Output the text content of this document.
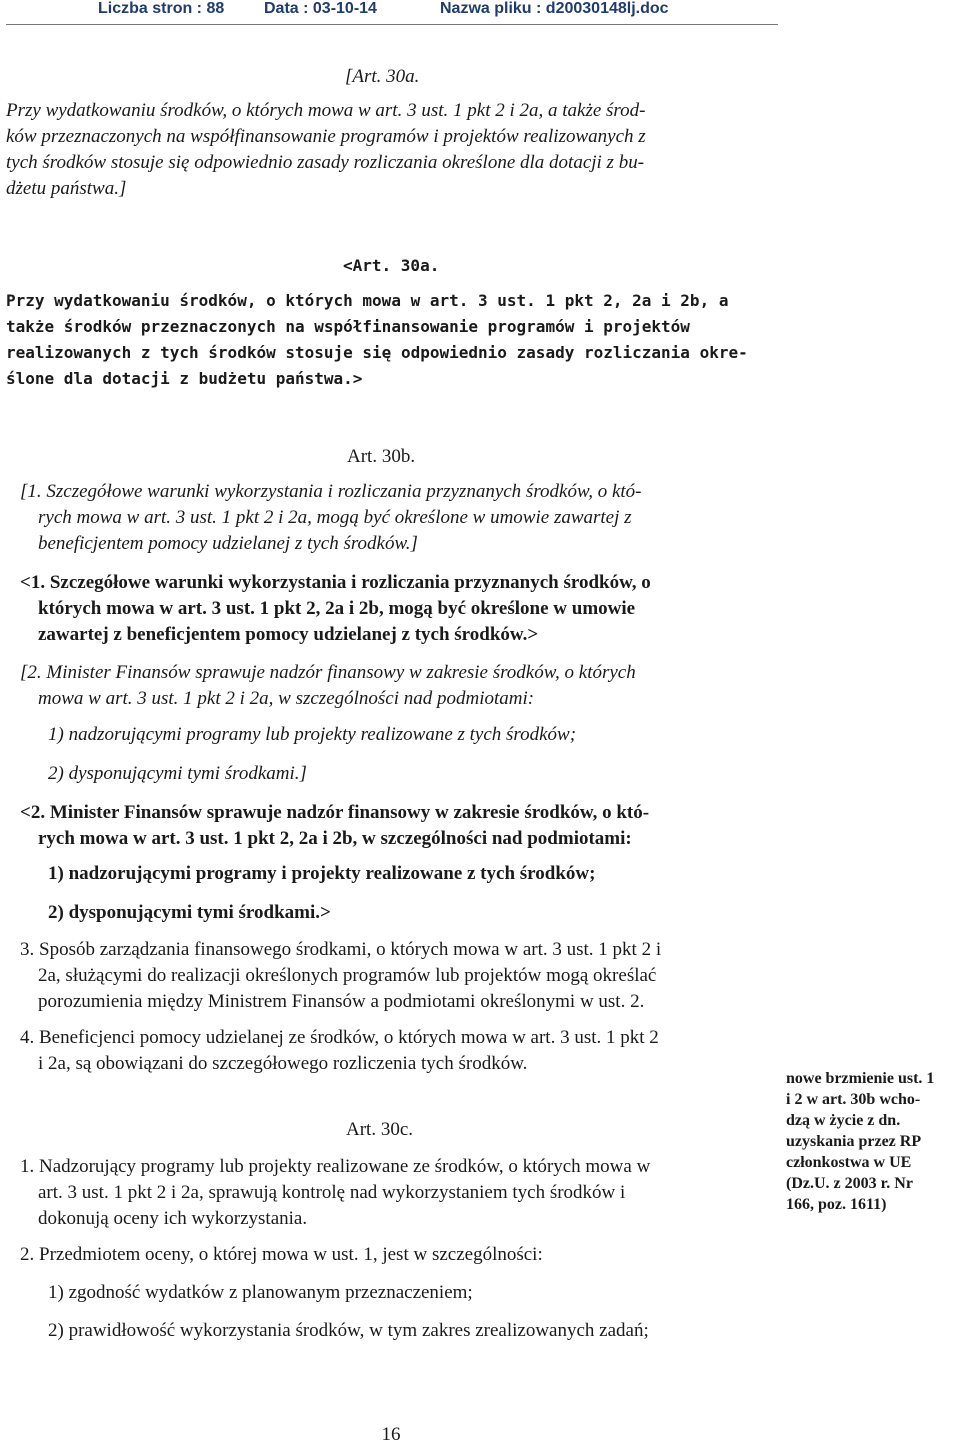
Liczba stron : 88 Data : 03-10-14	Nazwa pliku : d20030148lj.doc
[Art. 30a.
Przy wydatkowaniu środków, o których mowa w art. 3 ust. 1 pkt 2 i 2a, a także środ-
ków przeznaczonych na współfinansowanie programów i projektów realizowanych z
tych środków stosuje się odpowiednio zasady rozliczania określone dla dotacji z bu-
dżetu państwa.]
<Art. 30a.
Przy wydatkowaniu środków, o których mowa w art. 3 ust. 1 pkt 2, 2a i 2b, a
także środków przeznaczonych na współfinansowanie programów i projektów
realizowanych z tych środków stosuje się odpowiednio zasady rozliczania okre-
ślone dla dotacji z budżetu państwa.>
Art. 30b.
[1. Szczegółowe warunki wykorzystania i rozliczania przyznanych środków, o któ-
rych mowa w art. 3 ust. 1 pkt 2 i 2a, mogą być określone w umowie zawartej z
beneficjentem pomocy udzielanej z tych środków.]
<1. Szczegółowe warunki wykorzystania i rozliczania przyznanych środków, o
których mowa w art. 3 ust. 1 pkt 2, 2a i 2b, mogą być określone w umowie
zawartej z beneficjentem pomocy udzielanej z tych środków.>
[2. Minister Finansów sprawuje nadzór finansowy w zakresie środków, o których
mowa w art. 3 ust. 1 pkt 2 i 2a, w szczególności nad podmiotami:
1) nadzorującymi programy lub projekty realizowane z tych środków;
2) dysponującymi tymi środkami.]
<2. Minister Finansów sprawuje nadzór finansowy w zakresie środków, o któ-
rych mowa w art. 3 ust. 1 pkt 2, 2a i 2b, w szczególności nad podmiotami:
1) nadzorującymi programy i projekty realizowane z tych środków;
2) dysponującymi tymi środkami.>
3. Sposób zarządzania finansowego środkami, o których mowa w art. 3 ust. 1 pkt 2 i
2a, służącymi do realizacji określonych programów lub projektów mogą określać
porozumienia między Ministrem Finansów a podmiotami określonymi w ust. 2.
4. Beneficjenci pomocy udzielanej ze środków, o których mowa w art. 3 ust. 1 pkt 2
i 2a, są obowiązani do szczegółowego rozliczenia tych środków.
Art. 30c.
1. Nadzorujący programy lub projekty realizowane ze środków, o których mowa w
art. 3 ust. 1 pkt 2 i 2a, sprawują kontrolę nad wykorzystaniem tych środków i
dokonują oceny ich wykorzystania.
2. Przedmiotem oceny, o której mowa w ust. 1, jest w szczególności:
1) zgodność wydatków z planowanym przeznaczeniem;
2) prawidłowość wykorzystania środków, w tym zakres zrealizowanych zadań;
nowe brzmienie ust. 1
i 2 w art. 30b wcho-
dzą w życie z dn.
uzyskania przez RP
członkostwa w UE
(Dz.U. z 2003 r. Nr
166, poz. 1611)
16
